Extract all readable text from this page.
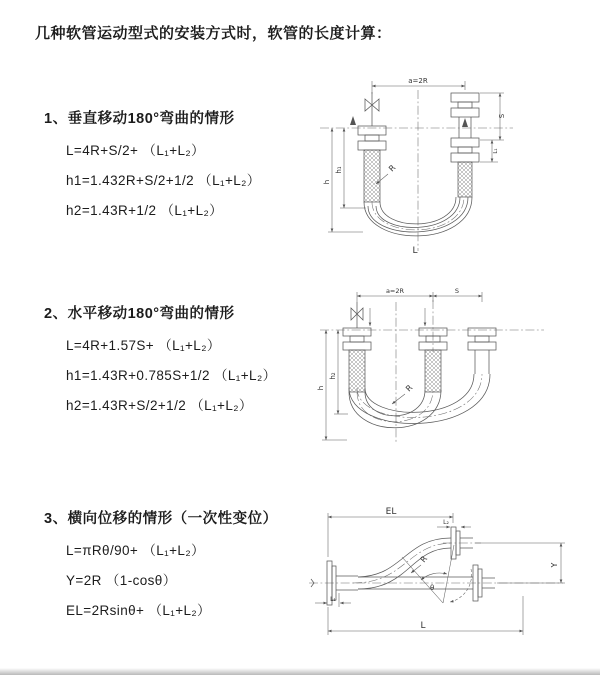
几种软管运动型式的安装方式时，软管的长度计算：
1、垂直移动180°弯曲的情形
L=4R+S/2+ （L₁+L₂）
h1=1.432R+S/2+1/2 （L₁+L₂）
h2=1.43R+1/2 （L₁+L₂）
a=2R
h
h₁
S
L₁
R
L
2、水平移动180°弯曲的情形
L=4R+1.57S+ （L₁+L₂）
h1=1.43R+0.785S+1/2 （L₁+L₂）
h2=1.43R+S/2+1/2 （L₁+L₂）
a=2R	S
h
h₂
R
3、横向位移的情形（一次性变位）
L=πRθ/90+ （L₁+L₂）
Y=2R （1-cosθ）
EL=2Rsinθ+ （L₁+L₂）
EL
L₂
Y
θ
R
L
L₁
